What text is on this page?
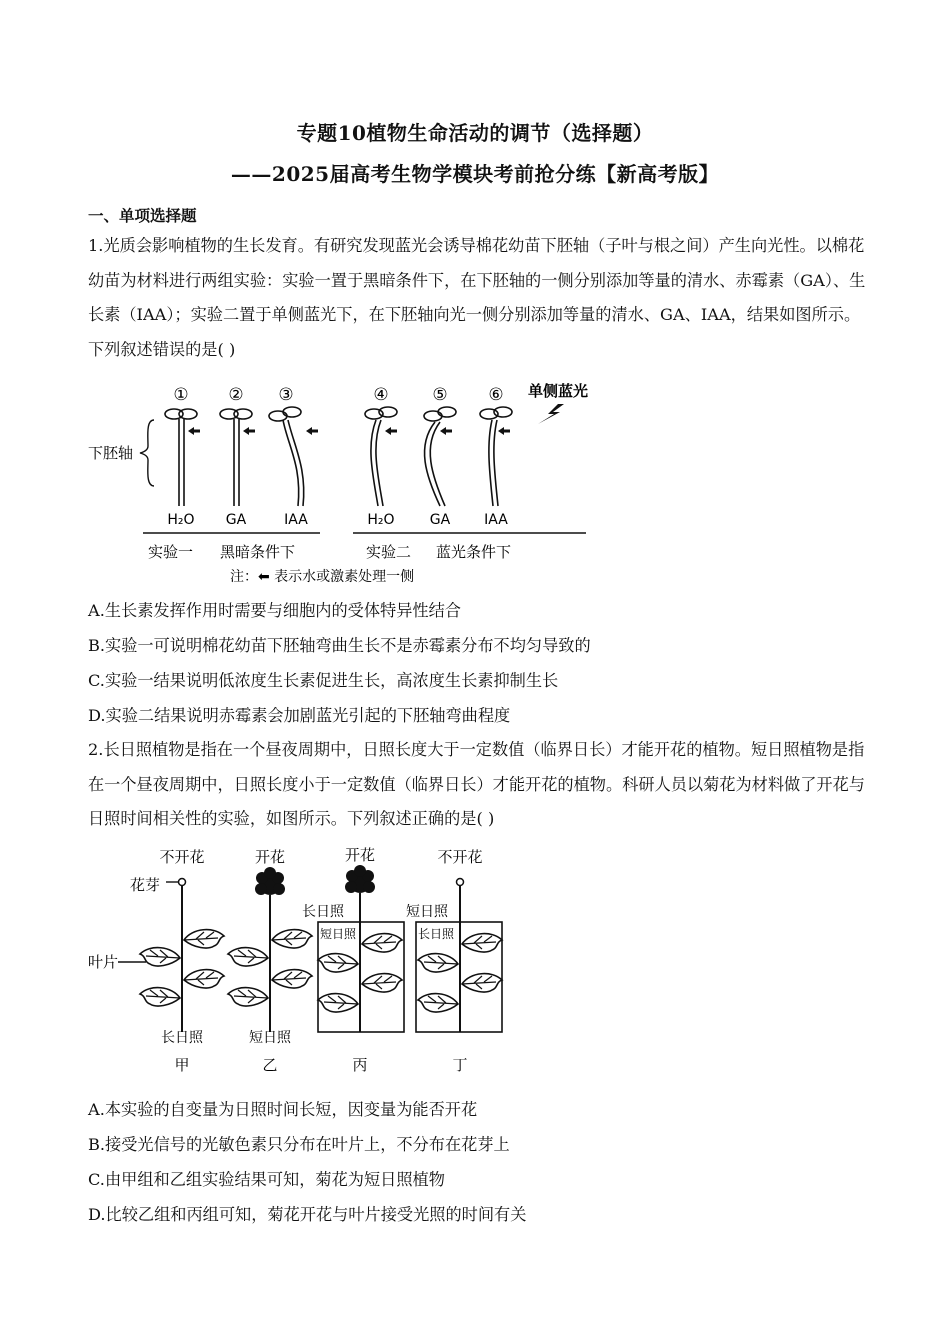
专题10植物生命活动的调节（选择题）
——2025届高考生物学模块考前抢分练【新高考版】
一、单项选择题
1.光质会影响植物的生长发育。有研究发现蓝光会诱导棉花幼苗下胚轴（子叶与根之间）产生向光性。以棉花幼苗为材料进行两组实验：实验一置于黑暗条件下，在下胚轴的一侧分别添加等量的清水、赤霉素（GA）、生长素（IAA）；实验二置于单侧蓝光下，在下胚轴向光一侧分别添加等量的清水、GA、IAA，结果如图所示。下列叙述错误的是( )
① ② ③	④	⑤ ⑥ 单侧蓝光
下胚轴
H₂O GA	IAA	H₂O	GA IAA
实验一 黑暗条件下	实验二 蓝光条件下
注：⬅ 表示水或激素处理一侧
A.生长素发挥作用时需要与细胞内的受体特异性结合
B.实验一可说明棉花幼苗下胚轴弯曲生长不是赤霉素分布不均匀导致的
C.实验一结果说明低浓度生长素促进生长，高浓度生长素抑制生长
D.实验二结果说明赤霉素会加剧蓝光引起的下胚轴弯曲程度
2.长日照植物是指在一个昼夜周期中，日照长度大于一定数值（临界日长）才能开花的植物。短日照植物是指在一个昼夜周期中，日照长度小于一定数值（临界日长）才能开花的植物。科研人员以菊花为材料做了开花与日照时间相关性的实验，如图所示。下列叙述正确的是( )
不开花	开花	开花	不开花
花芽
叶片
长日照
短日照
短日照
长日照
长日照	短日照
甲	乙	丙	丁
A.本实验的自变量为日照时间长短，因变量为能否开花
B.接受光信号的光敏色素只分布在叶片上，不分布在花芽上
C.由甲组和乙组实验结果可知，菊花为短日照植物
D.比较乙组和丙组可知，菊花开花与叶片接受光照的时间有关
